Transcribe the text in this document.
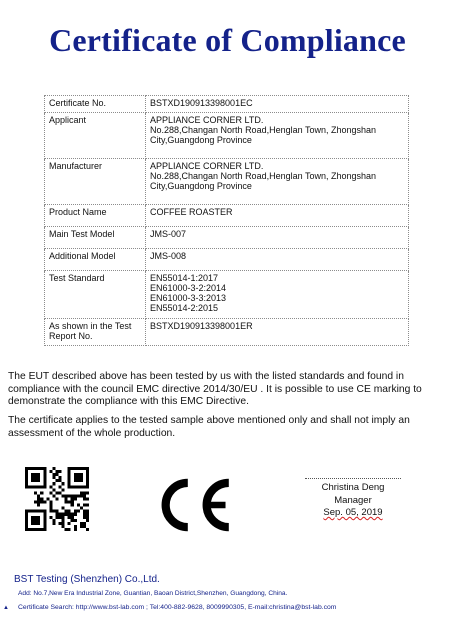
Certificate of Compliance
Certificate No.	BSTXD190913398001EC

Applicant	APPLIANCE CORNER LTD.
No.288,Changan North Road,Henglan Town, Zhongshan
City,Guangdong Province

Manufacturer	APPLIANCE CORNER LTD.
No.288,Changan North Road,Henglan Town, Zhongshan
City,Guangdong Province

Product Name	COFFEE ROASTER

Main Test Model	JMS-007

Additional Model	JMS-008

Test Standard	EN55014-1:2017
EN61000-3-2:2014
EN61000-3-3:2013
EN55014-2:2015

As shown in the Test Report No.	BSTXD190913398001ER
The EUT described above has been tested by us with the listed standards and found in compliance with the council EMC directive 2014/30/EU . It is possible to use CE marking to demonstrate the compliance with this EMC Directive.
The certificate applies to the tested sample above mentioned only and shall not imply an assessment of the whole production.
Christina Deng
Manager
Sep. 05, 2019
BST Testing (Shenzhen) Co.,Ltd.
Add: No.7,New Era Industrial Zone, Guantian, Baoan District,Shenzhen, Guangdong, China.
▲ Certificate Search: http://www.bst-lab.com ; Tel:400-882-9628, 8009990305, E-mail:christina@bst-lab.com
